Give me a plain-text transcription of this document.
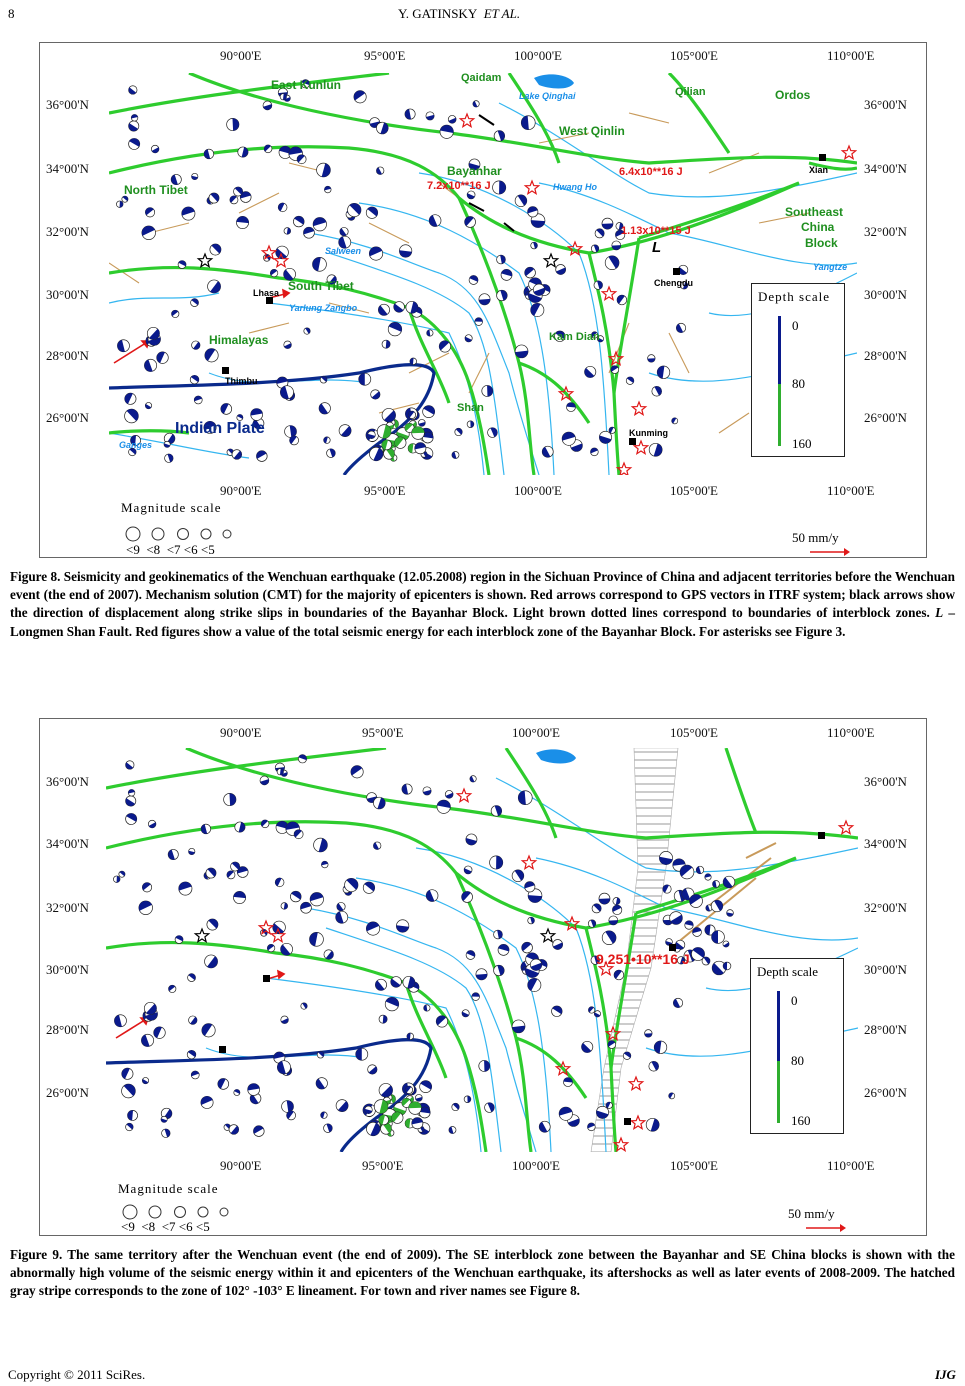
8	Y. GATINSKY ET AL.
90°00'E	95°00'E	100°00'E	105°00'E	110°00'E
90°00'E	95°00'E	100°00'E	105°00'E	110°00'E
36°00'N
34°00'N
32°00'N
30°00'N
28°00'N
26°00'N
36°00'N
34°00'N
32°00'N
30°00'N
28°00'N
26°00'N
East Kunlun	Qaidam
Lake Qinghai	Qilian	Ordos
West Qinlin
Bayanhar
7.2x10**16 J
6.4x10**16 J
1.13x10**15 J
Hwang Ho
Xian
North Tibet
Southeast
China
Block
Salween
Yangtze
L
Chengdu
Lhasa South Tibet
Yarlung Zangbo
Kam Dian
Himalayas
Thimbu
Shan
Indian Plate
Ganges
Kunming
Depth scale
0
80
160
Magnitude scale
<9 <8 <7 <6 <5
50 mm/y
Figure 8. Seismicity and geokinematics of the Wenchuan earthquake (12.05.2008) region in the Sichuan Province of China and adjacent territories before the Wenchuan event (the end of 2007). Mechanism solution (CMT) for the majority of epicenters is shown. Red arrows correspond to GPS vectors in ITRF system; black arrows show the direction of displacement along strike slips in boundaries of the Bayanhar Block. Light brown dotted lines correspond to boundaries of interblock zones. L – Longmen Shan Fault. Red figures show a value of the total seismic energy for each interblock zone of the Bayanhar Block. For asterisks see Figure 3.
90°00'E	95°00'E	100°00'E	105°00'E	110°00'E
90°00'E	95°00'E	100°00'E	105°00'E	110°00'E
36°00'N
34°00'N
32°00'N
30°00'N
28°00'N
26°00'N
36°00'N
34°00'N
32°00'N
30°00'N
28°00'N
26°00'N
9.251•10**16 J
Depth scale
0
80
160
Magnitude scale
<9 <8 <7 <6 <5
50 mm/y
Figure 9. The same territory after the Wenchuan event (the end of 2009). The SE interblock zone between the Bayanhar and SE China blocks is shown with the abnormally high volume of the seismic energy within it and epicenters of the Wenchuan earthquake, its aftershocks as well as later events of 2008-2009. The hatched gray stripe corresponds to the zone of 102° -103° E lineament. For town and river names see Figure 8.
Copyright © 2011 SciRes.	IJG
